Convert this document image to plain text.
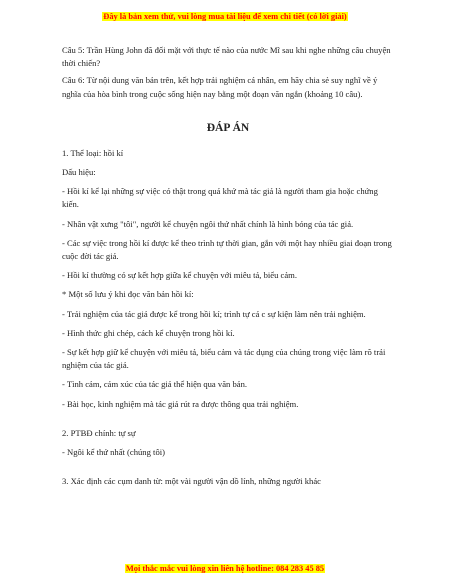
Đây là bản xem thử, vui lòng mua tài liệu để xem chi tiết (có lời giải)

Câu 5: Trần Hùng John đã đối mặt với thực tế nào của nước Mĩ sau khi nghe những câu chuyện thời chiến?

Câu 6: Từ nội dung văn bản trên, kết hợp trải nghiệm cá nhân, em hãy chia sẻ suy nghĩ về ý nghĩa của hòa bình trong cuộc sống hiện nay bằng một đoạn văn ngắn (khoảng 10 câu).

ĐÁP ÁN

1. Thể loại: hồi kí

Dấu hiệu:

- Hồi kí kể lại những sự việc có thật trong quá khứ mà tác giả là người tham gia hoặc chứng kiến.

- Nhân vật xưng "tôi", người kể chuyện ngôi thứ nhất chính là hình bóng của tác giả.

- Các sự việc trong hồi kí được kể theo trình tự thời gian, gắn với một hay nhiều giai đoạn trong cuộc đời tác giả.

- Hồi kí thường có sự kết hợp giữa kể chuyện với miêu tả, biểu cảm.

* Một số lưu ý khi đọc văn bản hồi kí:

- Trải nghiệm của tác giả được kể trong hồi kí; trình tự cá c sự kiện làm nên trải nghiệm.

- Hình thức ghi chép, cách kể chuyện trong hồi kí.

- Sự kết hợp giữ kể chuyện với miêu tả, biểu cảm và tác dụng của chúng trong việc làm rõ trải nghiệm của tác giả.

- Tình cảm, cảm xúc của tác giả thể hiện qua văn bản.

- Bài học, kinh nghiệm mà tác giả rút ra được thông qua trải nghiệm.

2. PTBĐ chính: tự sự

- Ngôi kể thứ nhất (chúng tôi)

3. Xác định các cụm danh từ: một vài người vận dồ lính, những người khác

Mọi thắc mắc vui lòng xin liên hệ hotline: 084 283 45 85
